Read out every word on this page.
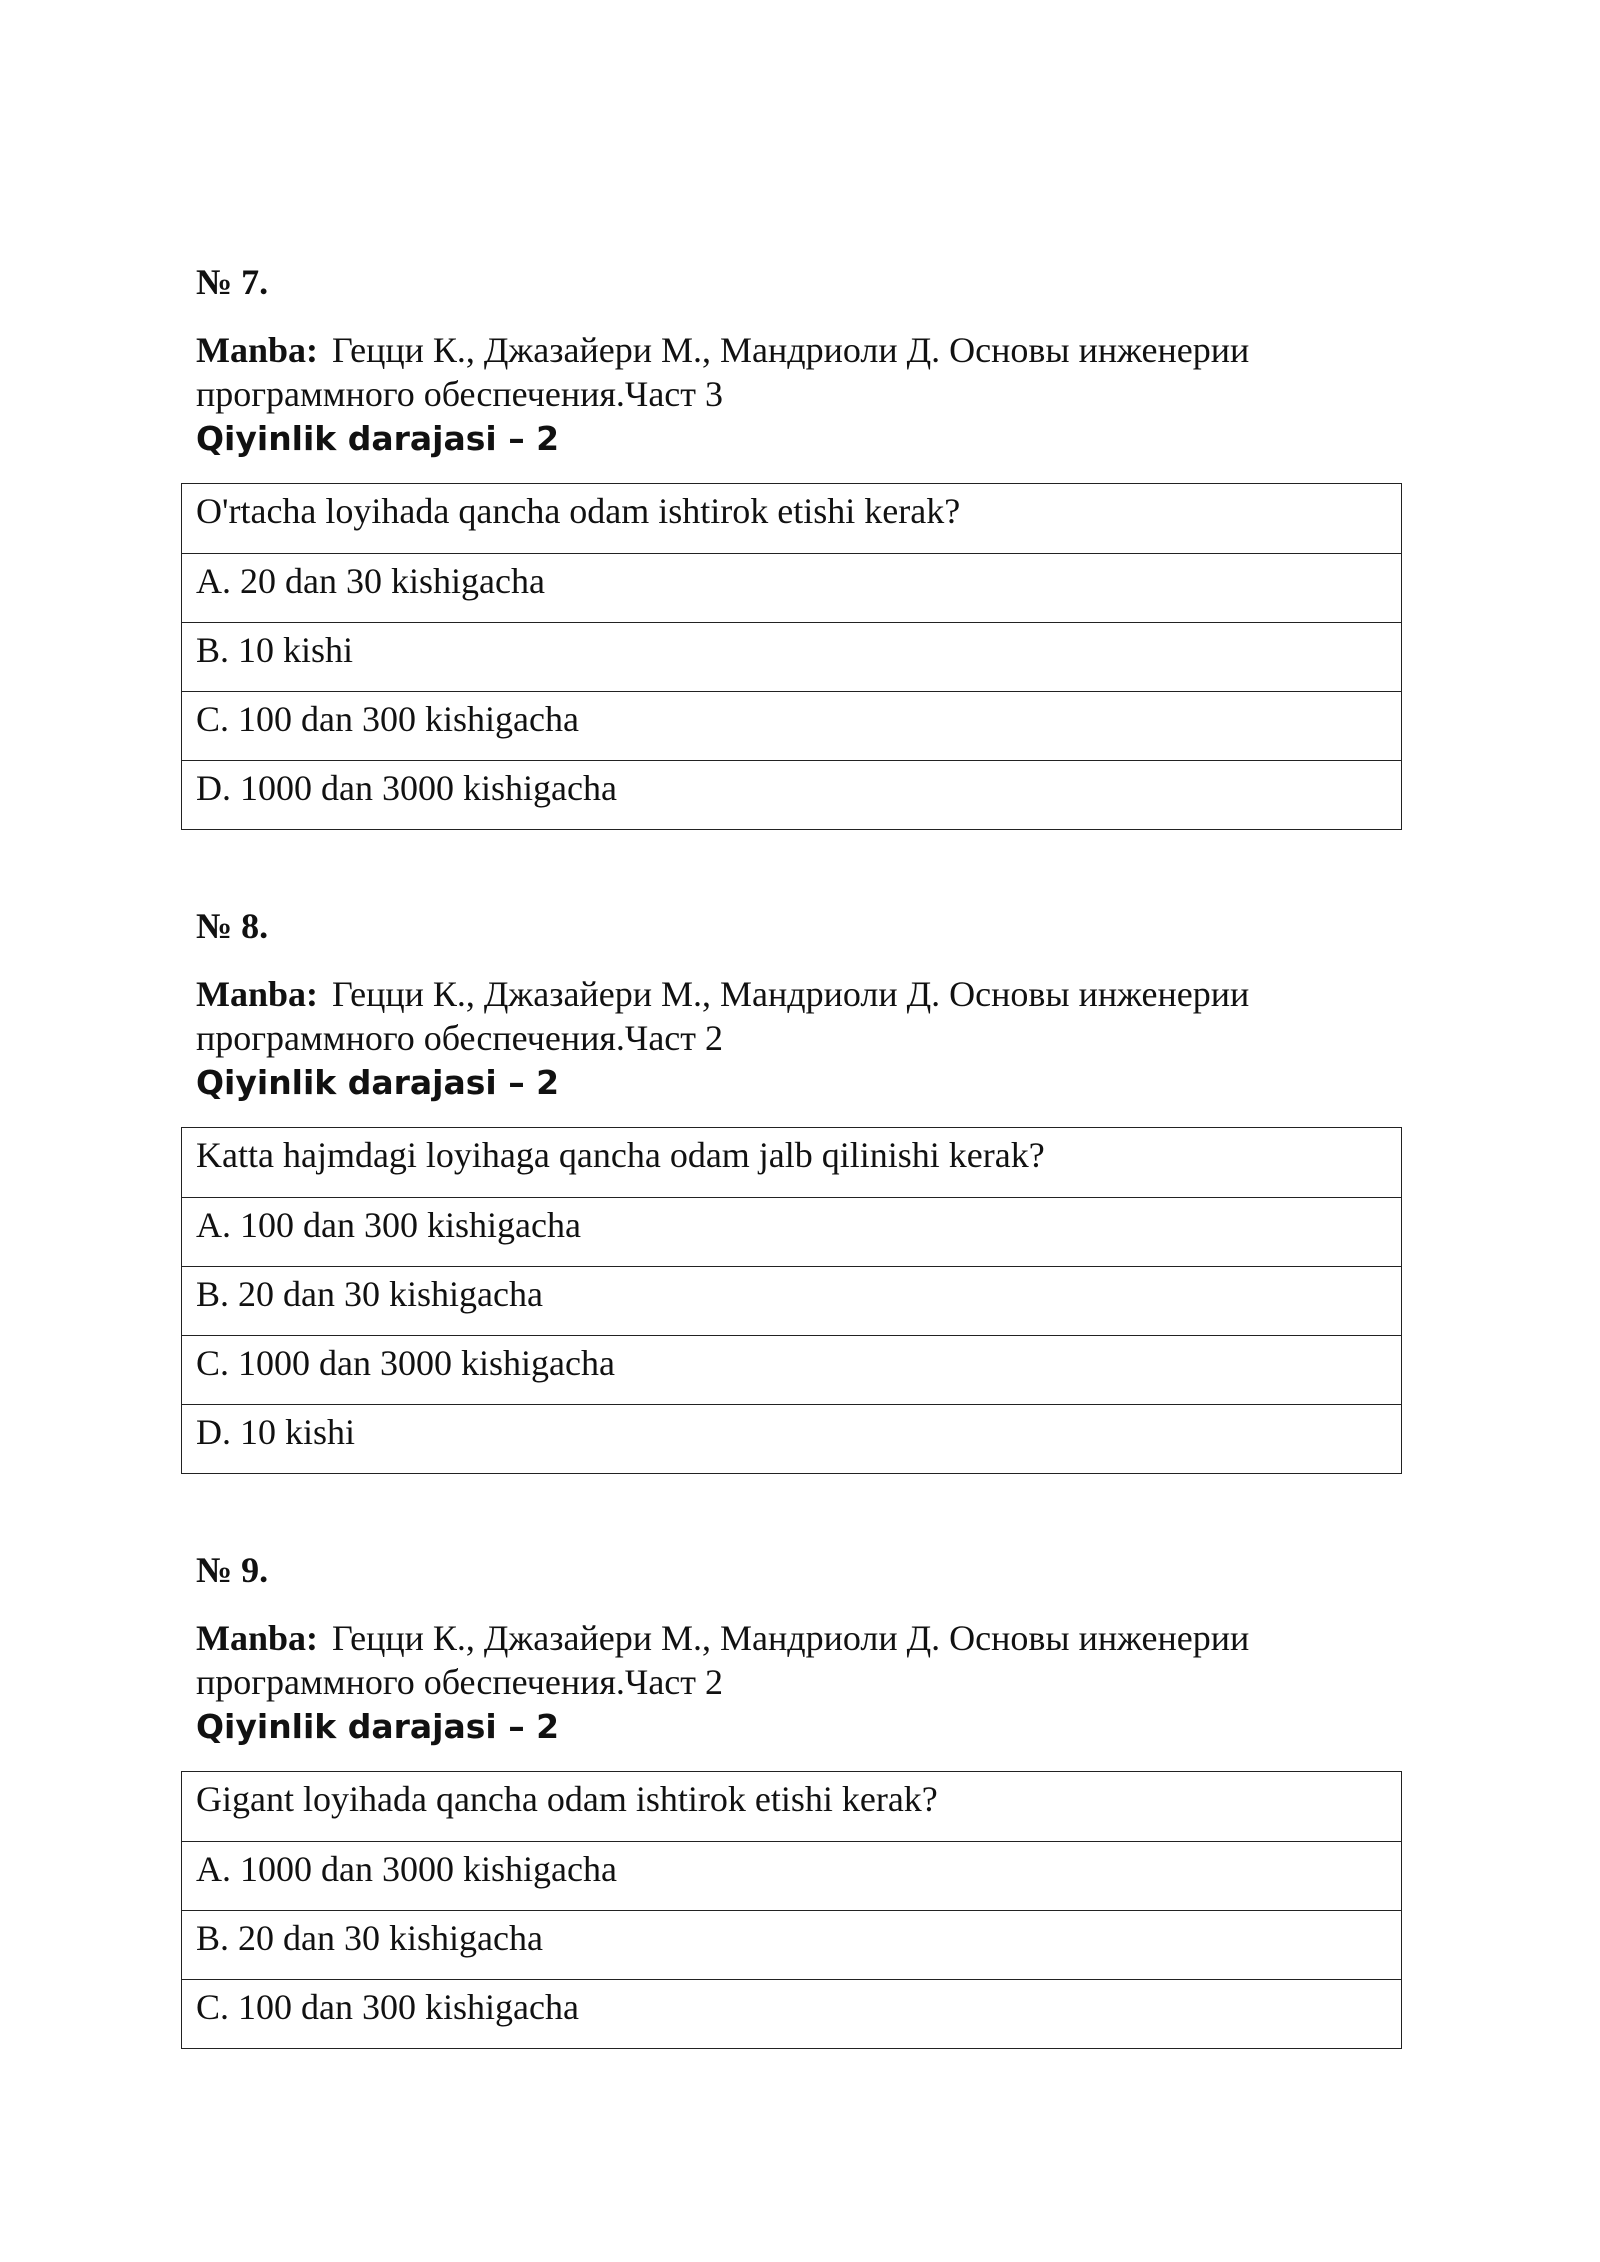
№ 7.
Manba: Гецци К., Джазайери М., Мандриоли Д. Основы инженерии программного обеспечения.Част 3
Qiyinlik darajasi – 2
O'rtacha loyihada qancha odam ishtirok etishi kerak?
A. 20 dan 30 kishigacha
B. 10 kishi
C. 100 dan 300 kishigacha
D. 1000 dan 3000 kishigacha
№ 8.
Manba: Гецци К., Джазайери М., Мандриоли Д. Основы инженерии программного обеспечения.Част 2
Qiyinlik darajasi – 2
Katta hajmdagi loyihaga qancha odam jalb qilinishi kerak?
A. 100 dan 300 kishigacha
B. 20 dan 30 kishigacha
C. 1000 dan 3000 kishigacha
D. 10 kishi
№ 9.
Manba: Гецци К., Джазайери М., Мандриоли Д. Основы инженерии программного обеспечения.Част 2
Qiyinlik darajasi – 2
Gigant loyihada qancha odam ishtirok etishi kerak?
A. 1000 dan 3000 kishigacha
B. 20 dan 30 kishigacha
C. 100 dan 300 kishigacha
